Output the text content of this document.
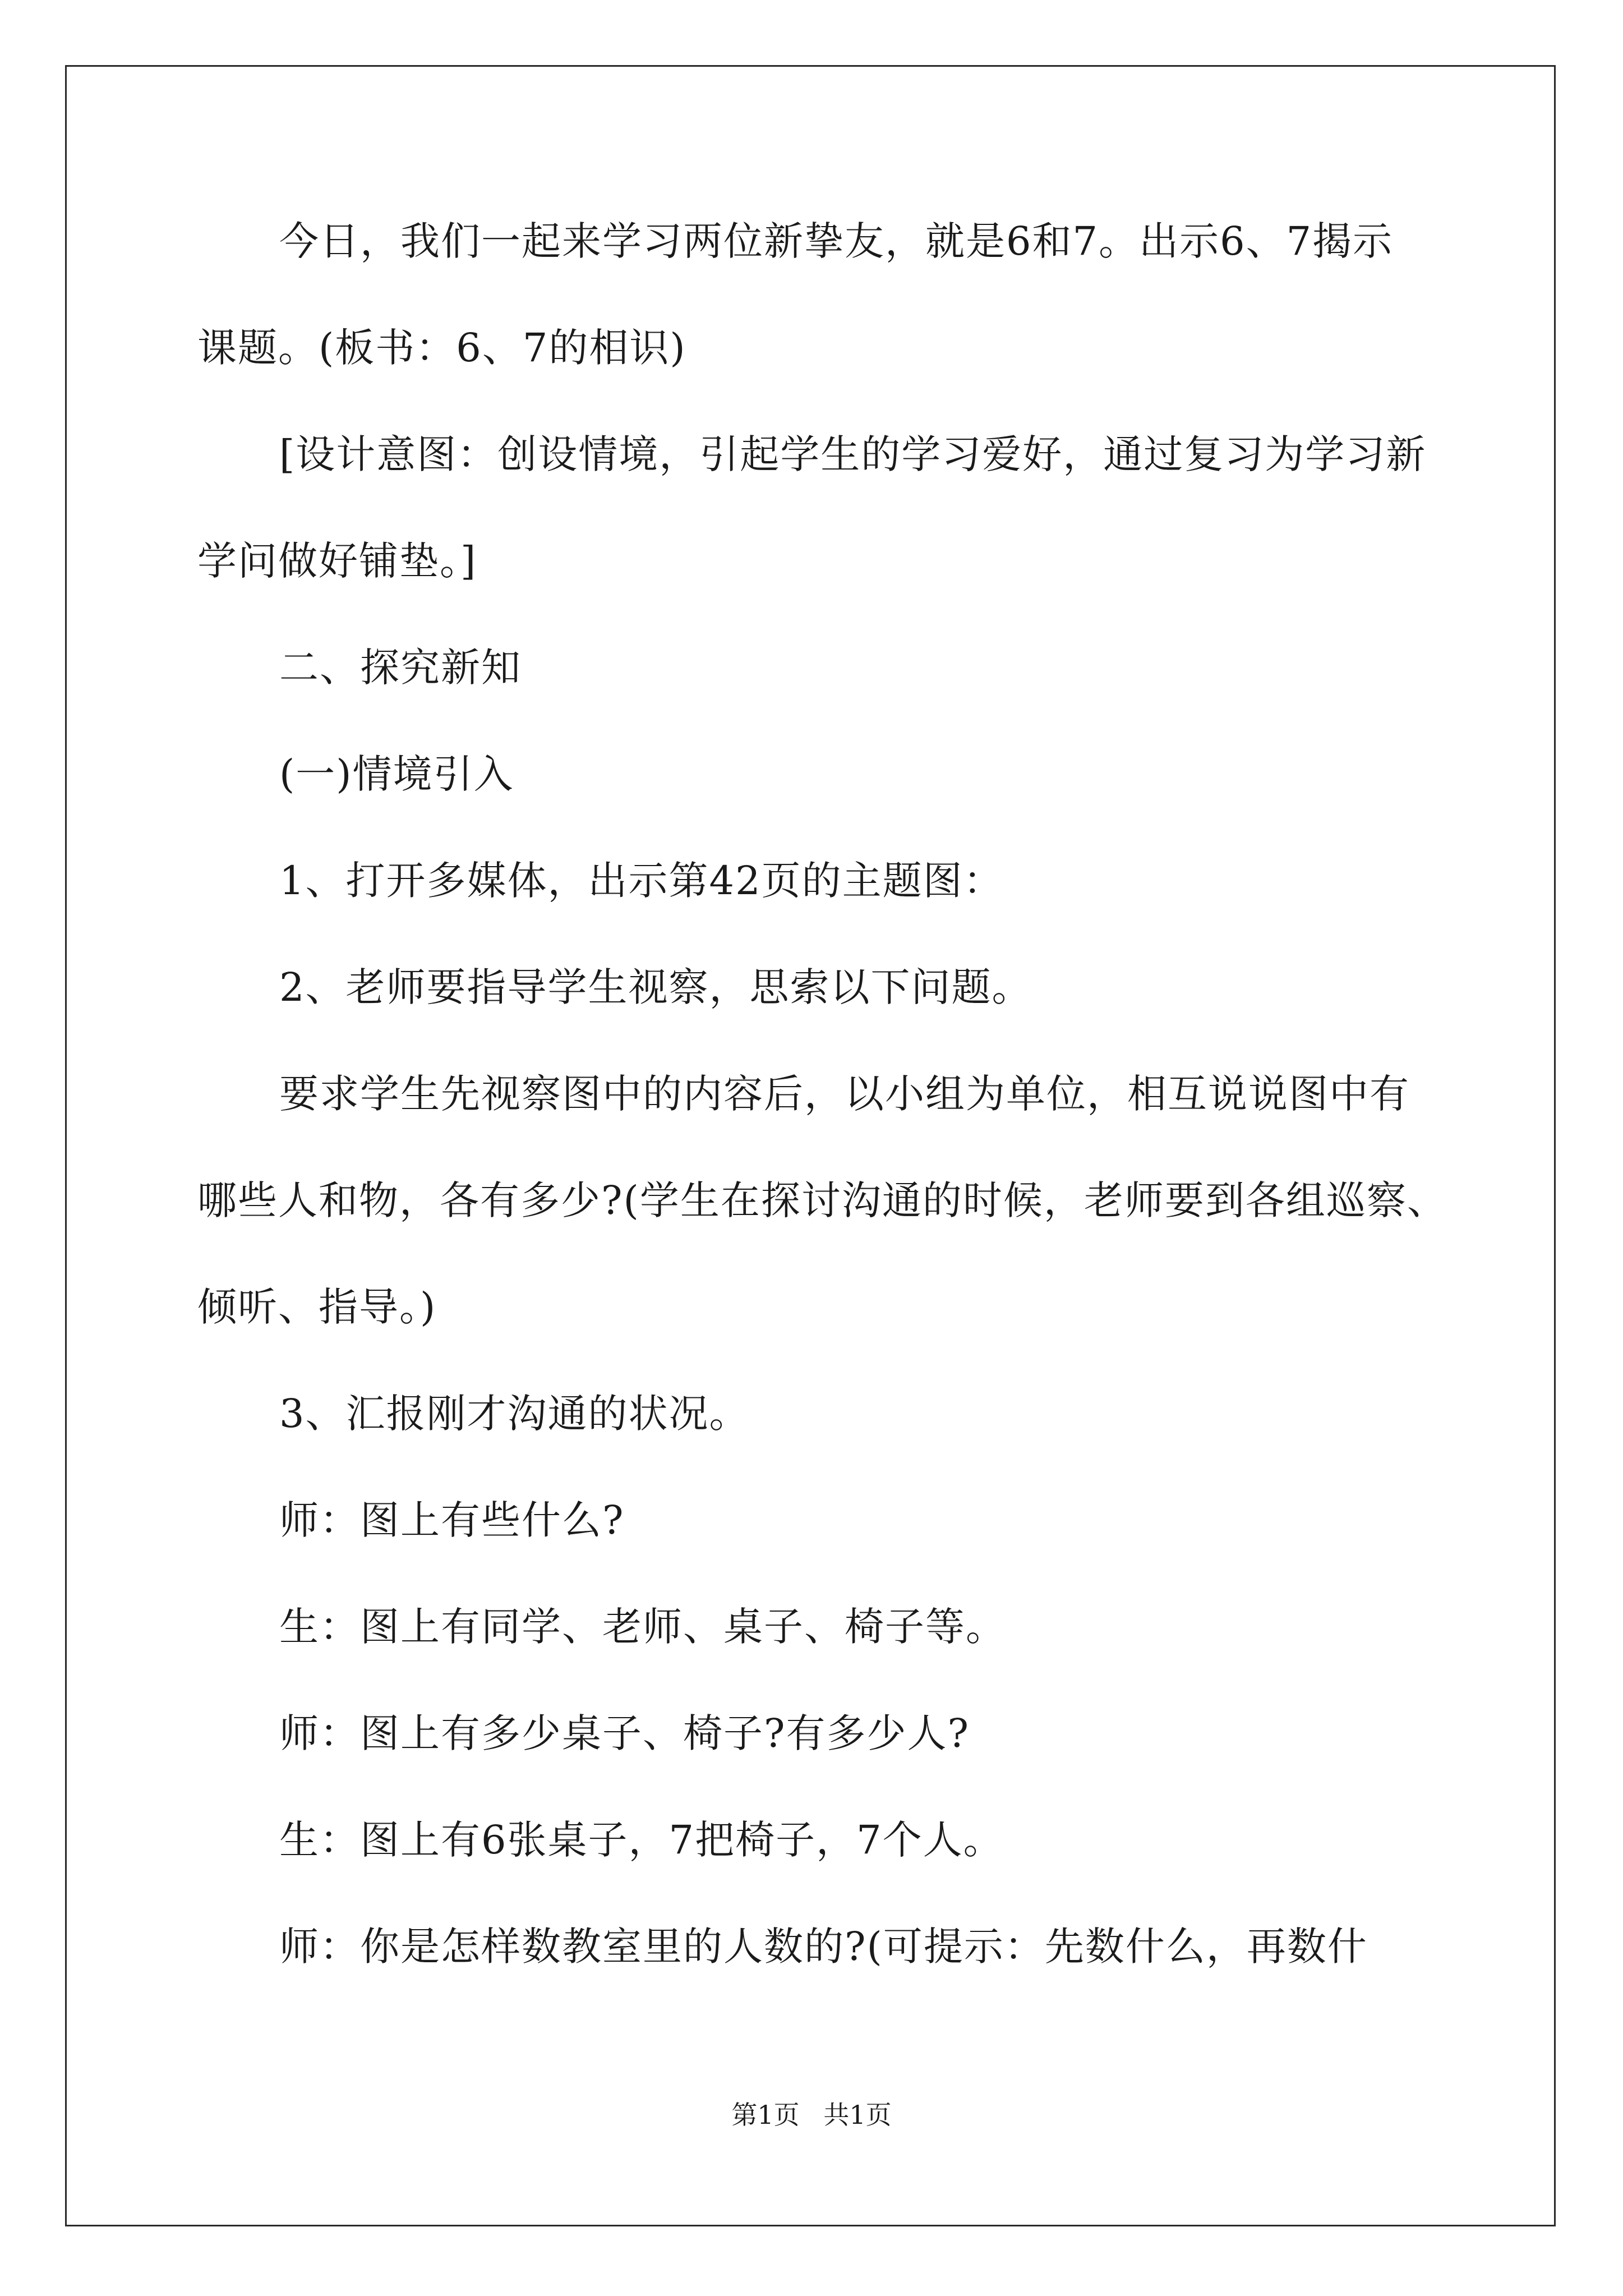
今日，我们一起来学习两位新挚友，就是6和7。出示6、7揭示
课题。(板书：6、7的相识)
[设计意图：创设情境，引起学生的学习爱好，通过复习为学习新
学问做好铺垫。]
二、探究新知
(一)情境引入
1、打开多媒体，出示第42页的主题图：
2、老师要指导学生视察，思索以下问题。
要求学生先视察图中的内容后，以小组为单位，相互说说图中有
哪些人和物，各有多少?(学生在探讨沟通的时候，老师要到各组巡察、
倾听、指导。)
3、汇报刚才沟通的状况。
师：图上有些什么?
生：图上有同学、老师、桌子、椅子等。
师：图上有多少桌子、椅子?有多少人?
生：图上有6张桌子，7把椅子，7个人。
师：你是怎样数教室里的人数的?(可提示：先数什么，再数什
第1页 共1页
